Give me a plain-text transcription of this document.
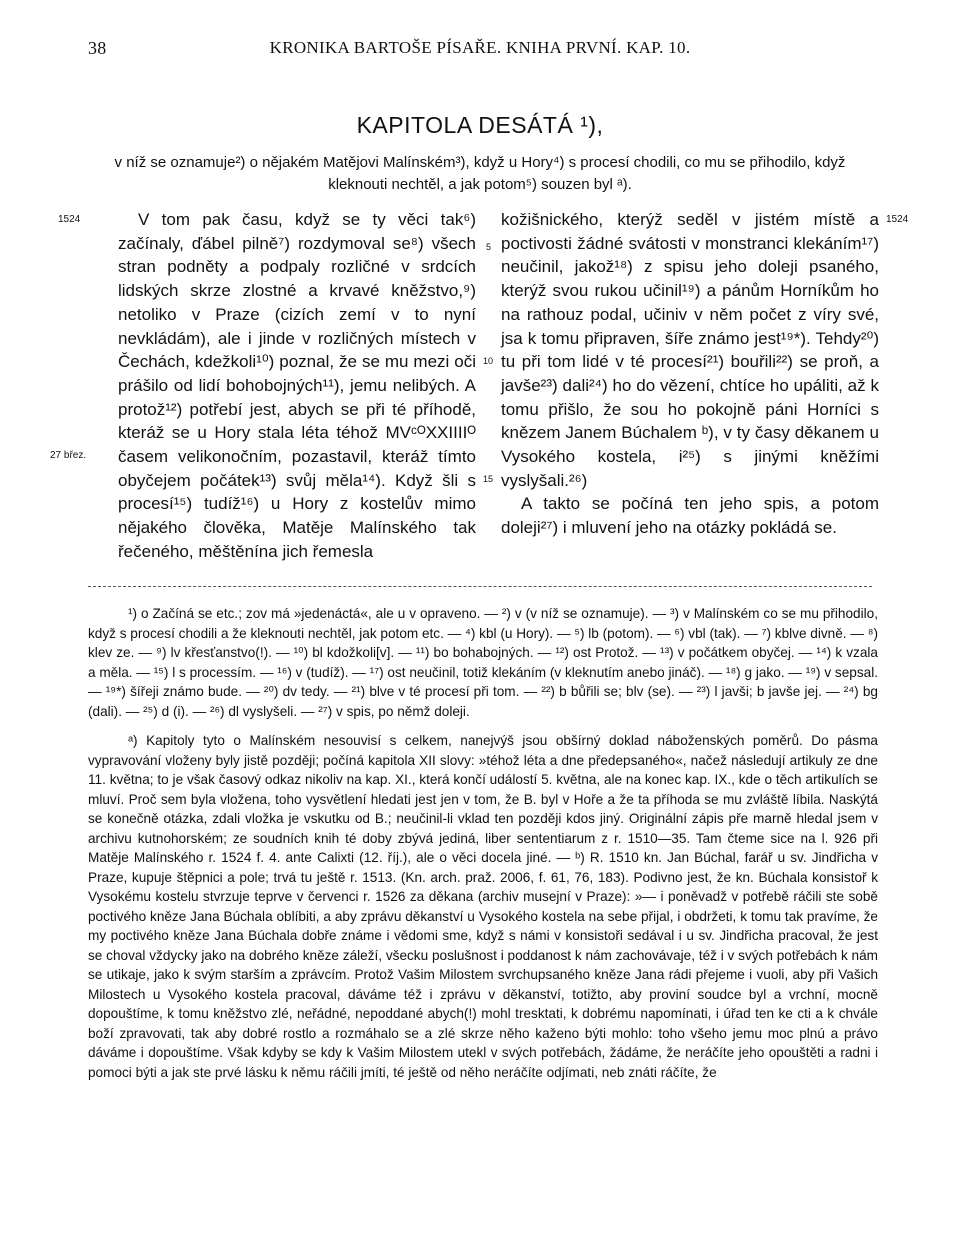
38	KRONIKA BARTOŠE PÍSAŘE. KNIHA PRVNÍ. KAP. 10.
KAPITOLA DESÁTÁ ¹),
v níž se oznamuje²) o nějakém Matějovi Malínském³), když u Hory⁴) s procesí chodili, co mu se přihodilo, když kleknouti nechtěl, a jak potom⁵) souzen byl ᵃ).
1524	1524
27 břez.
5
10
15

V tom pak času, když se ty věci tak⁶) začínaly, ďábel pilně⁷) rozdymoval se⁸) všech stran podněty a podpaly rozličné v srdcích lidských skrze zlostné a krvavé kněžstvo,⁹) netoliko v Praze (cizích zemí v to nyní nevkládám), ale i jinde v rozličných místech v Čechách, kdežkoli¹⁰) poznal, že se mu mezi oči prášilo od lidí bohobojných¹¹), jemu nelibých. A protož¹²) potřebí jest, abych se při té příhodě, kteráž se u Hory stala léta téhož MVᶜᴼXXIIIIᴼ časem velikonočním, pozastavil, kteráž tímto obyčejem počátek¹³) svůj měla¹⁴). Když šli s procesí¹⁵) tudíž¹⁶) u Hory z kostelův mimo nějakého člověka, Matěje Malínského tak řečeného, měštěnína jich řemesla

kožišnického, kterýž seděl v jistém místě a poctivosti žádné svátosti v monstranci klekáním¹⁷) neučinil, jakož¹⁸) z spisu jeho doleji psaného, kterýž svou rukou učinil¹⁹) a pánům Horníkům ho na rathouz podal, učiniv v něm počet z víry své, jsa k tomu připraven, šíře známo jest¹⁹*). Tehdy²⁰) tu při tom lidé v té procesí²¹) bouřili²²) se proň, a javše²³) dali²⁴) ho do vězení, chtíce ho upáliti, až k tomu přišlo, že sou ho pokojně páni Horníci s knězem Janem Búchalem ᵇ), v ty časy děkanem u Vysokého kostela, i²⁵) s jinými kněžími vyslyšali.²⁶)

A takto se počíná ten jeho spis, a potom doleji²⁷) i mluvení jeho na otázky pokládá se.

¹) o Začíná se etc.; zov má »jedenáctá«, ale u v opraveno. — ²) v (v níž se oznamuje). — ³) v Malínském co se mu přihodilo, když s procesí chodili a že kleknouti nechtěl, jak potom etc. — ⁴) kbl (u Hory). — ⁵) lb (potom). — ⁶) vbl (tak). — ⁷) kblve divně. — ⁸) klev ze. — ⁹) lv křesťanstvo(!). — ¹⁰) bl kdožkoli[v]. — ¹¹) bo bohabojných. — ¹²) ost Protož. — ¹³) v počátkem obyčej. — ¹⁴) k vzala a měla. — ¹⁵) l s processím. — ¹⁶) v (tudíž). — ¹⁷) ost neučinil, totiž klekáním (v kleknutím anebo jináč). — ¹⁸) g jako. — ¹⁹) v sepsal. — ¹⁹*) šířeji známo bude. — ²⁰) dv tedy. — ²¹) blve v té procesí při tom. — ²²) b bůřili se; blv (se). — ²³) l javši; b javše jej. — ²⁴) bg (dali). — ²⁵) d (i). — ²⁶) dl vyslyšeli. — ²⁷) v spis, po němž doleji.

ᵃ) Kapitoly tyto o Malínském nesouvisí s celkem, nanejvýš jsou obšírný doklad náboženských poměrů. Do pásma vypravování vloženy byly jistě později; počíná kapitola XII slovy: »téhož léta a dne předepsaného«, načež následují artikuly ze dne 11. května; to je však časový odkaz nikoliv na kap. XI., která končí událostí 5. května, ale na konec kap. IX., kde o těch artikulích se mluví. Proč sem byla vložena, toho vysvětlení hledati jest jen v tom, že B. byl v Hoře a že ta příhoda se mu zvláště líbila. Naskýtá se konečně otázka, zdali vložka je vskutku od B.; neučinil-li vklad ten později kdos jiný. Originální zápis pře marně hledal jsem v archivu kutnohorském; ze soudních knih té doby zbývá jediná, liber sententiarum z r. 1510—35. Tam čteme sice na l. 926 při Matěje Malínského r. 1524 f. 4. ante Calixti (12. říj.), ale o věci docela jiné. — ᵇ) R. 1510 kn. Jan Búchal, farář u sv. Jindřicha v Praze, kupuje štěpnici a pole; trvá tu ještě r. 1513. (Kn. arch. praž. 2006, f. 61, 76, 183). Podivno jest, že kn. Búchala konsistoř k Vysokému kostelu stvrzuje teprve v červenci r. 1526 za děkana (archiv musejní v Praze): »— i poněvadž v potřebě ráčili ste sobě poctivého kněze Jana Búchala oblíbiti, a aby zprávu děkanství u Vysokého kostela na sebe přijal, i obdržeti, k tomu tak pravíme, že my poctivého kněze Jana Búchala dobře známe i vědomi sme, když s námi v konsistoři sedával i u sv. Jindřicha pracoval, že jest se choval vždycky jako na dobrého kněze záleží, všecku poslušnost i poddanost k nám zachovávaje, též i v svých potřebách k nám se utikaje, jako k svým starším a zprávcím. Protož Vašim Milostem svrchupsaného kněze Jana rádi přejeme i vuoli, aby při Vašich Milostech u Vysokého kostela pracoval, dáváme též i zprávu v děkanství, totižto, aby proviní soudce byl a vrchní, mocně dopouštíme, k tomu kněžstvo zlé, neřádné, nepoddané abych(!) mohl tresktati, k dobrému napomínati, i úřad ten ke cti a k chvále boží zpravovati, tak aby dobré rostlo a rozmáhalo se a zlé skrze něho kaženo býti mohlo: toho všeho jemu moc plnú a právo dáváme i dopouštíme. Však kdyby se kdy k Vašim Milostem utekl v svých potřebách, žádáme, že neráčíte jeho opouštěti a radni i pomoci býti a jak ste prvé lásku k němu ráčili jmíti, té ještě od něho neráčíte odjímati, neb znáti ráčíte, že
